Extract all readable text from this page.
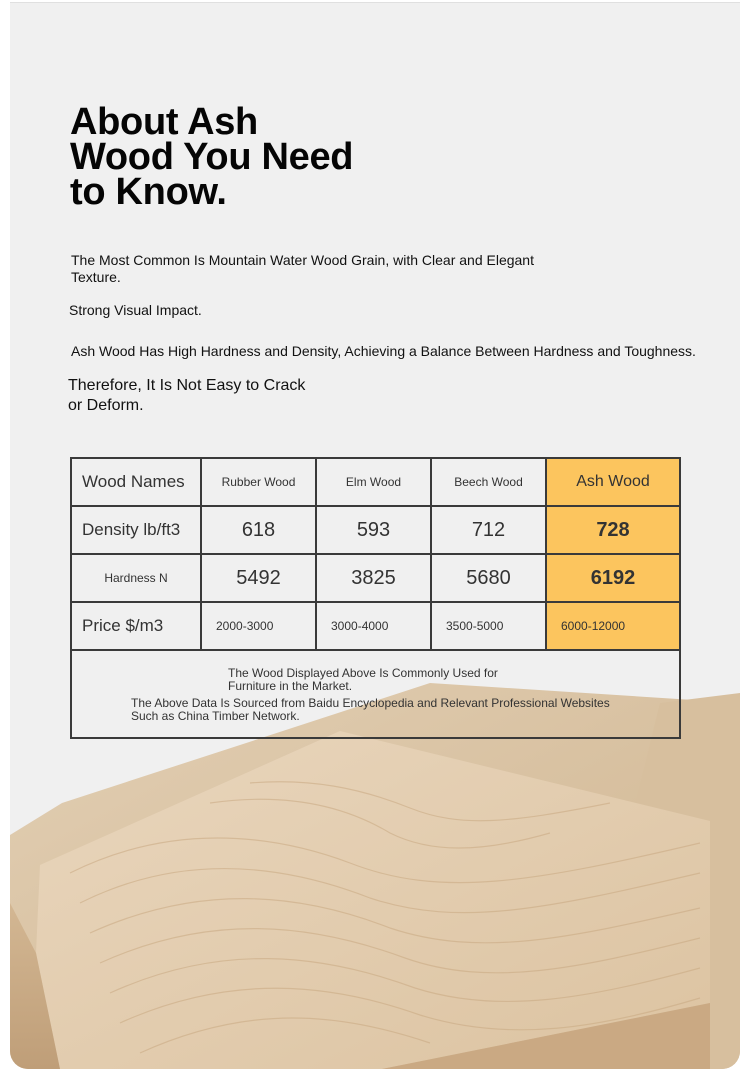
About Ash Wood You Need to Know.

The Most Common Is Mountain Water Wood Grain, with Clear and Elegant Texture.

Strong Visual Impact.

Ash Wood Has High Hardness and Density, Achieving a Balance Between Hardness and Toughness.

Therefore, It Is Not Easy to Crack or Deform.

Wood Names	Rubber Wood	Elm Wood	Beech Wood	Ash Wood
Density lb/ft3	618	593	712	728
Hardness N	5492	3825	5680	6192
Price $/m3	2000-3000	3000-4000	3500-5000	6000-12000

The Wood Displayed Above Is Commonly Used for Furniture in the Market.
The Above Data Is Sourced from Baidu Encyclopedia and Relevant Professional Websites Such as China Timber Network.				
